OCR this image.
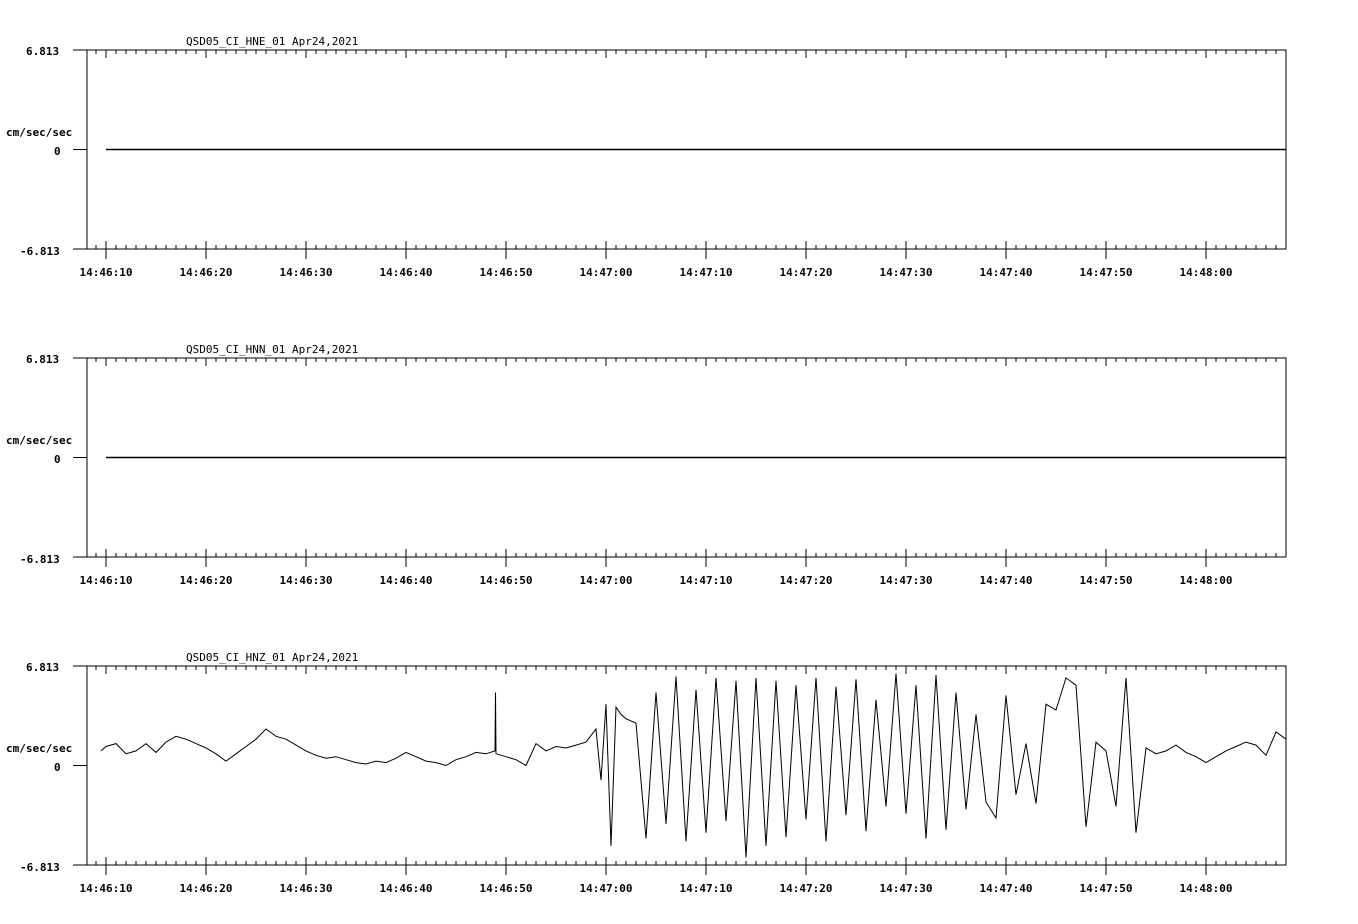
QSD05_CI_HNE_01 Apr24,2021
cm/sec/sec
6.813
0
-6.813
14:46:10	14:46:20	14:46:30	14:46:40	14:46:50	14:47:00	14:47:10	14:47:20	14:47:30	14:47:40	14:47:50	14:48:00
QSD05_CI_HNN_01 Apr24,2021
cm/sec/sec
6.813
0
-6.813
14:46:10	14:46:20	14:46:30	14:46:40	14:46:50	14:47:00	14:47:10	14:47:20	14:47:30	14:47:40	14:47:50	14:48:00
QSD05_CI_HNZ_01 Apr24,2021
cm/sec/sec
6.813
0
-6.813
14:46:10	14:46:20	14:46:30	14:46:40	14:46:50	14:47:00	14:47:10	14:47:20	14:47:30	14:47:40	14:47:50	14:48:00
